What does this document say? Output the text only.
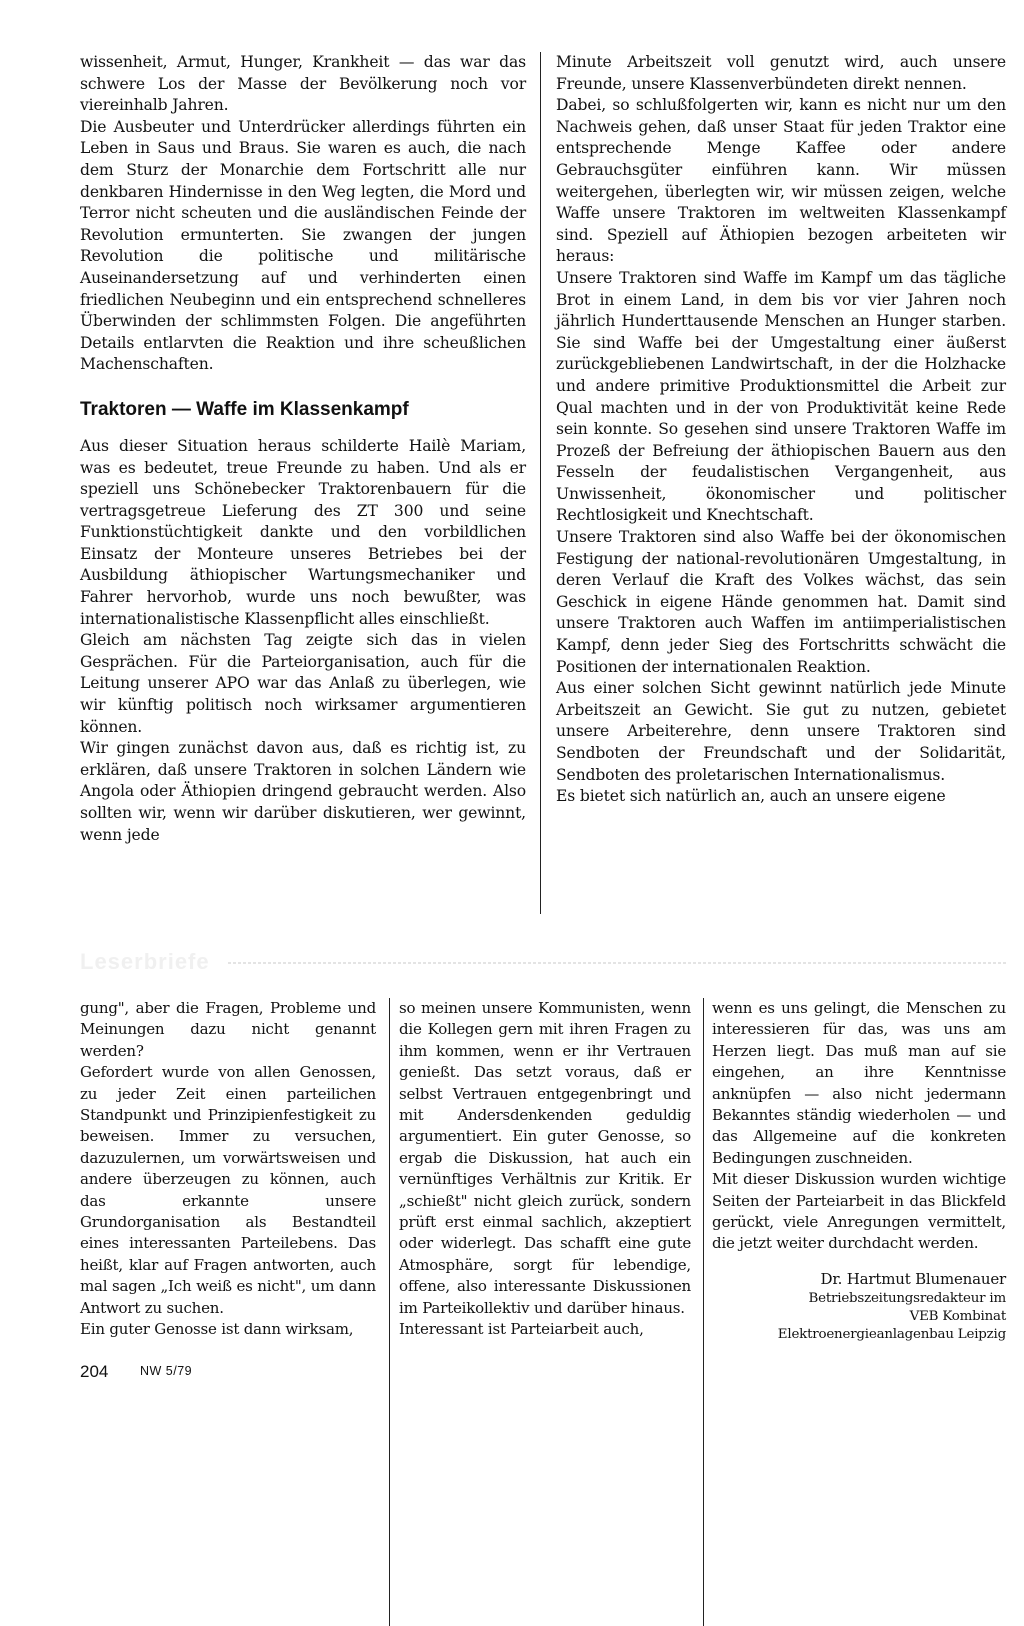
wissenheit, Armut, Hunger, Krankheit — das war das schwere Los der Masse der Bevölkerung noch vor viereinhalb Jahren.

Die Ausbeuter und Unterdrücker allerdings führten ein Leben in Saus und Braus. Sie waren es auch, die nach dem Sturz der Monarchie dem Fortschritt alle nur denkbaren Hindernisse in den Weg legten, die Mord und Terror nicht scheuten und die ausländischen Feinde der Revolution ermunterten. Sie zwangen der jungen Revolution die politische und militärische Auseinandersetzung auf und verhinderten einen friedlichen Neubeginn und ein entsprechend schnelleres Überwinden der schlimmsten Folgen. Die angeführten Details entlarvten die Reaktion und ihre scheußlichen Machenschaften.

Traktoren — Waffe im Klassenkampf

Aus dieser Situation heraus schilderte Hailè Mariam, was es bedeutet, treue Freunde zu haben. Und als er speziell uns Schönebecker Traktorenbauern für die vertragsgetreue Lieferung des ZT 300 und seine Funktionstüchtigkeit dankte und den vorbildlichen Einsatz der Monteure unseres Betriebes bei der Ausbildung äthiopischer Wartungsmechaniker und Fahrer hervorhob, wurde uns noch bewußter, was internationalistische Klassenpflicht alles einschließt.

Gleich am nächsten Tag zeigte sich das in vielen Gesprächen. Für die Parteiorganisation, auch für die Leitung unserer APO war das Anlaß zu überlegen, wie wir künftig politisch noch wirksamer argumentieren können.

Wir gingen zunächst davon aus, daß es richtig ist, zu erklären, daß unsere Traktoren in solchen Ländern wie Angola oder Äthiopien dringend gebraucht werden. Also sollten wir, wenn wir darüber diskutieren, wer gewinnt, wenn jede

Minute Arbeitszeit voll genutzt wird, auch unsere Freunde, unsere Klassenverbündeten direkt nennen.

Dabei, so schlußfolgerten wir, kann es nicht nur um den Nachweis gehen, daß unser Staat für jeden Traktor eine entsprechende Menge Kaffee oder andere Gebrauchsgüter einführen kann. Wir müssen weitergehen, überlegten wir, wir müssen zeigen, welche Waffe unsere Traktoren im weltweiten Klassenkampf sind. Speziell auf Äthiopien bezogen arbeiteten wir heraus:

Unsere Traktoren sind Waffe im Kampf um das tägliche Brot in einem Land, in dem bis vor vier Jahren noch jährlich Hunderttausende Menschen an Hunger starben. Sie sind Waffe bei der Umgestaltung einer äußerst zurückgebliebenen Landwirtschaft, in der die Holzhacke und andere primitive Produktionsmittel die Arbeit zur Qual machten und in der von Produktivität keine Rede sein konnte. So gesehen sind unsere Traktoren Waffe im Prozeß der Befreiung der äthiopischen Bauern aus den Fesseln der feudalistischen Vergangenheit, aus Unwissenheit, ökonomischer und politischer Rechtlosigkeit und Knechtschaft.

Unsere Traktoren sind also Waffe bei der ökonomischen Festigung der national-revolutionären Umgestaltung, in deren Verlauf die Kraft des Volkes wächst, das sein Geschick in eigene Hände genommen hat. Damit sind unsere Traktoren auch Waffen im antiimperialistischen Kampf, denn jeder Sieg des Fortschritts schwächt die Positionen der internationalen Reaktion.

Aus einer solchen Sicht gewinnt natürlich jede Minute Arbeitszeit an Gewicht. Sie gut zu nutzen, gebietet unsere Arbeiterehre, denn unsere Traktoren sind Sendboten der Freundschaft und der Solidarität, Sendboten des proletarischen Internationalismus.

Es bietet sich natürlich an, auch an unsere eigene

Leserbriefe

gung", aber die Fragen, Probleme und Meinungen dazu nicht genannt werden?

Gefordert wurde von allen Genossen, zu jeder Zeit einen parteilichen Standpunkt und Prinzipienfestigkeit zu beweisen. Immer zu versuchen, dazuzulernen, um vorwärtsweisen und andere überzeugen zu können, auch das erkannte unsere Grundorganisation als Bestandteil eines interessanten Parteilebens. Das heißt, klar auf Fragen antworten, auch mal sagen „Ich weiß es nicht", um dann Antwort zu suchen.

Ein guter Genosse ist dann wirksam,

so meinen unsere Kommunisten, wenn die Kollegen gern mit ihren Fragen zu ihm kommen, wenn er ihr Vertrauen genießt. Das setzt voraus, daß er selbst Vertrauen entgegenbringt und mit Andersdenkenden geduldig argumentiert. Ein guter Genosse, so ergab die Diskussion, hat auch ein vernünftiges Verhältnis zur Kritik. Er „schießt" nicht gleich zurück, sondern prüft erst einmal sachlich, akzeptiert oder widerlegt. Das schafft eine gute Atmosphäre, sorgt für lebendige, offene, also interessante Diskussionen im Parteikollektiv und darüber hinaus.

Interessant ist Parteiarbeit auch,

wenn es uns gelingt, die Menschen zu interessieren für das, was uns am Herzen liegt. Das muß man auf sie eingehen, an ihre Kenntnisse anknüpfen — also nicht jedermann Bekanntes ständig wiederholen — und das Allgemeine auf die konkreten Bedingungen zuschneiden.

Mit dieser Diskussion wurden wichtige Seiten der Parteiarbeit in das Blickfeld gerückt, viele Anregungen vermittelt, die jetzt weiter durchdacht werden.

Dr. Hartmut Blumenauer

Betriebszeitungsredakteur im

VEB Kombinat

Elektroenergieanlagenbau Leipzig

204	NW 5/79
